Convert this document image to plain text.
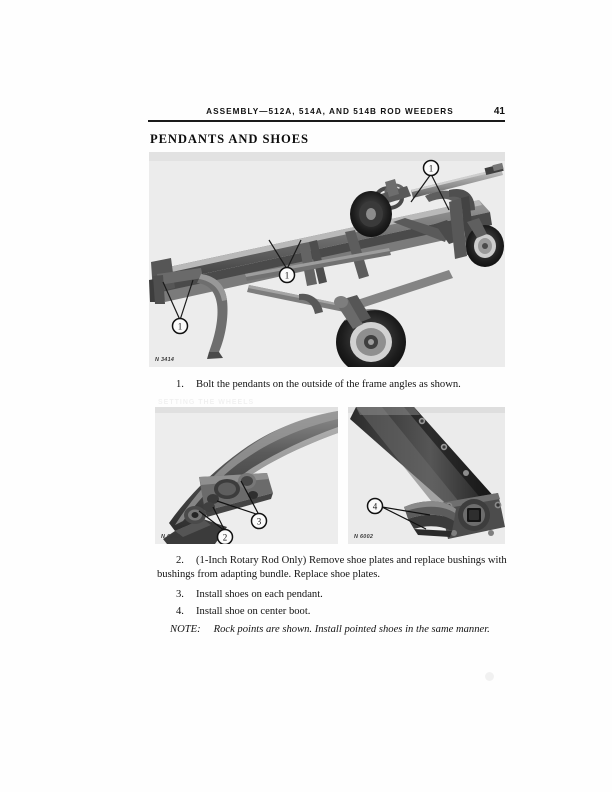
SETTING THE WHEELS
ASSEMBLY—512A, 514A, AND 514B ROD WEEDERS	41
PENDANTS AND SHOES
1
1
1
N 3414
1. Bolt the pendants on the outside of the frame angles as shown.
3
2
N 6003
4
N 6002
2. (1-Inch Rotary Rod Only) Remove shoe plates and replace bushings with bushings from adapting bundle. Replace shoe plates.
3. Install shoes on each pendant.
4. Install shoe on center boot.
NOTE: Rock points are shown. Install pointed shoes in the same manner.
